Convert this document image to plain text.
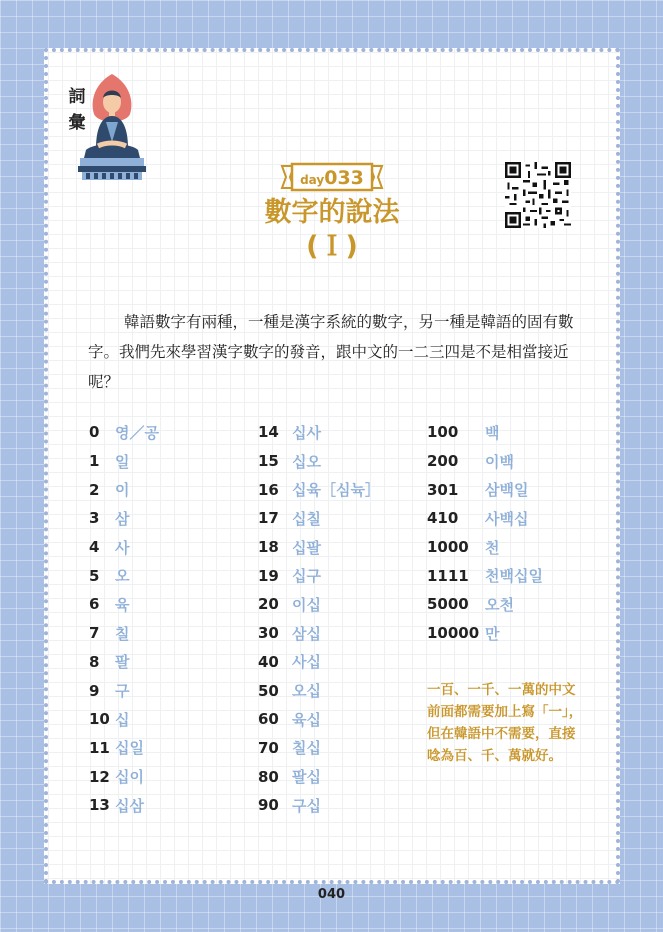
詞
彙
day033
數字的說法
(Ｉ)
韓語數字有兩種，一種是漢字系統的數字，另一種是韓語的固有數字。我們先來學習漢字數字的發音，跟中文的一二三四是不是相當接近呢？
0	영／공
1	일
2	이
3	삼
4	사
5	오
6	육
7	칠
8	팔
9	구
10 십
11 십일
12 십이
13 십삼
14 십사
15 십오
16 십육［심뉵］
17 십칠
18 십팔
19 십구
20 이십
30 삼십
40 사십
50 오십
60 육십
70 칠십
80 팔십
90 구십
100	백
200	이백
301	삼백일
410	사백십
1000	천
1111	천백십일
5000	오천
10000 만
一百、一千、一萬的中文前面都需要加上寫「一」，但在韓語中不需要，直接唸為百、千、萬就好。
040
